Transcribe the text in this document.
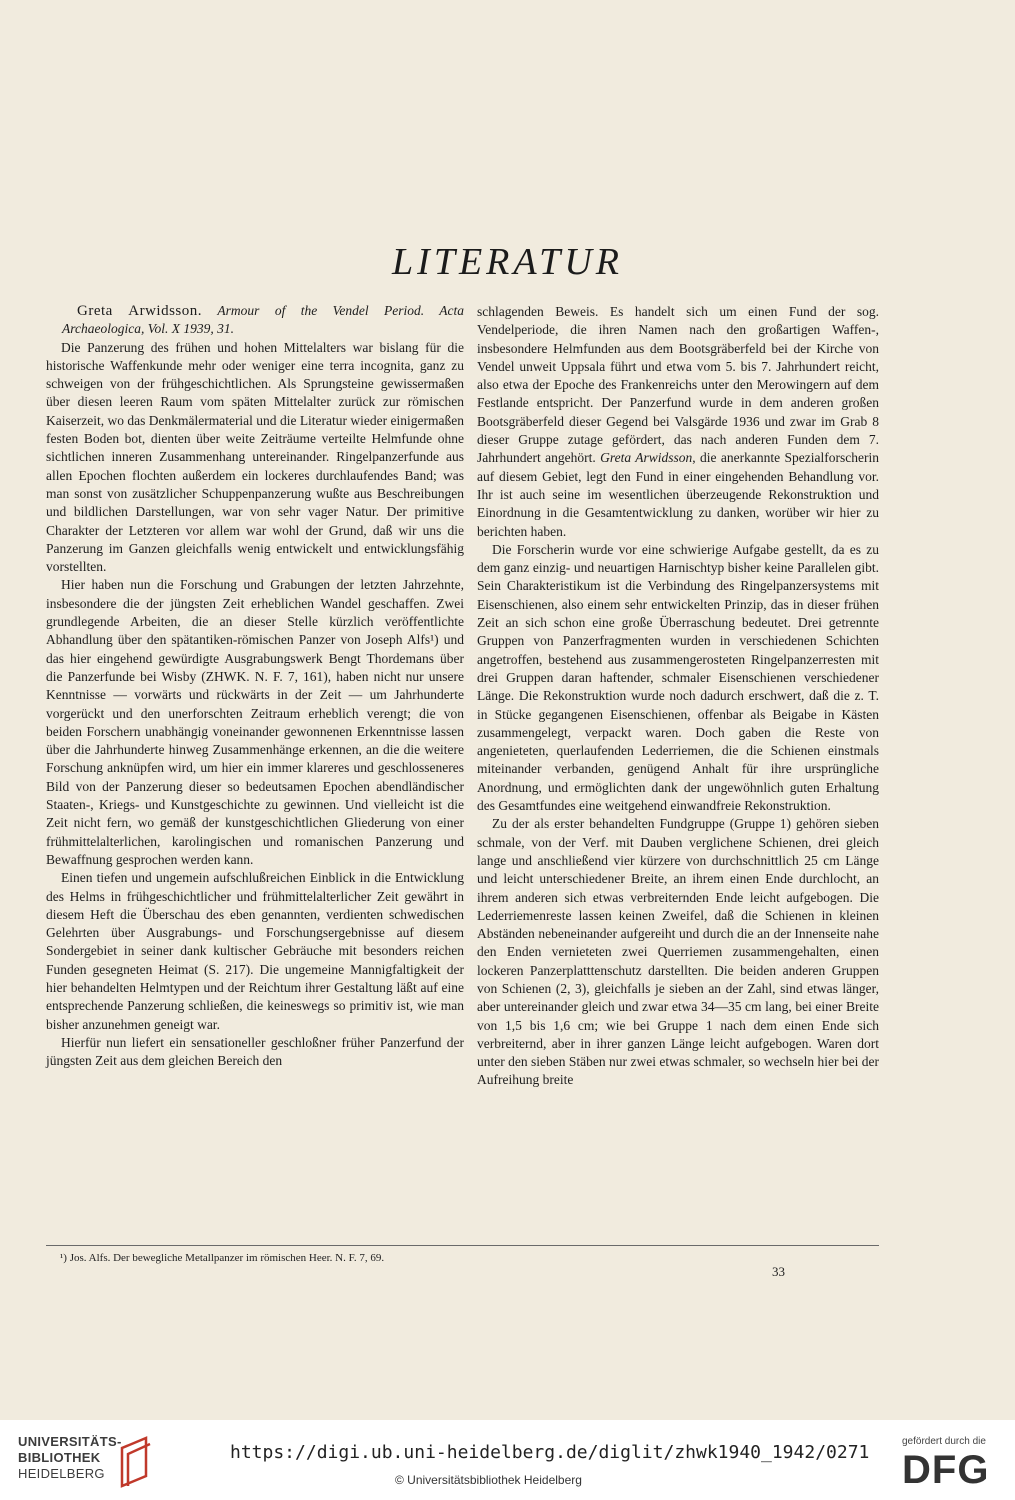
LITERATUR

Greta Arwidsson. Armour of the Vendel Period. Acta Archaeologica, Vol. X 1939, 31.

Die Panzerung des frühen und hohen Mittelalters war bislang für die historische Waffenkunde mehr oder weniger eine terra incognita, ganz zu schweigen von der frühgeschichtlichen. Als Sprungsteine gewissermaßen über diesen leeren Raum vom späten Mittelalter zurück zur römischen Kaiserzeit, wo das Denkmälermaterial und die Literatur wieder einigermaßen festen Boden bot, dienten über weite Zeiträume verteilte Helmfunde ohne sichtlichen inneren Zusammenhang untereinander. Ringelpanzerfunde aus allen Epochen flochten außerdem ein lockeres durchlaufendes Band; was man sonst von zusätzlicher Schuppenpanzerung wußte aus Beschreibungen und bildlichen Darstellungen, war von sehr vager Natur. Der primitive Charakter der Letzteren vor allem war wohl der Grund, daß wir uns die Panzerung im Ganzen gleichfalls wenig entwickelt und entwicklungsfähig vorstellten.

Hier haben nun die Forschung und Grabungen der letzten Jahrzehnte, insbesondere die der jüngsten Zeit erheblichen Wandel geschaffen. Zwei grundlegende Arbeiten, die an dieser Stelle kürzlich veröffentlichte Abhandlung über den spätantiken-römischen Panzer von Joseph Alfs¹) und das hier eingehend gewürdigte Ausgrabungswerk Bengt Thordemans über die Panzerfunde bei Wisby (ZHWK. N. F. 7, 161), haben nicht nur unsere Kenntnisse — vorwärts und rückwärts in der Zeit — um Jahrhunderte vorgerückt und den unerforschten Zeitraum erheblich verengt; die von beiden Forschern unabhängig voneinander gewonnenen Erkenntnisse lassen über die Jahrhunderte hinweg Zusammenhänge erkennen, an die die weitere Forschung anknüpfen wird, um hier ein immer klareres und geschlosseneres Bild von der Panzerung dieser so bedeutsamen Epochen abendländischer Staaten-, Kriegs- und Kunstgeschichte zu gewinnen. Und vielleicht ist die Zeit nicht fern, wo gemäß der kunstgeschichtlichen Gliederung von einer frühmittelalterlichen, karolingischen und romanischen Panzerung und Bewaffnung gesprochen werden kann.

Einen tiefen und ungemein aufschlußreichen Einblick in die Entwicklung des Helms in frühgeschichtlicher und frühmittelalterlicher Zeit gewährt in diesem Heft die Überschau des eben genannten, verdienten schwedischen Gelehrten über Ausgrabungs- und Forschungsergebnisse auf diesem Sondergebiet in seiner dank kultischer Gebräuche mit besonders reichen Funden gesegneten Heimat (S. 217). Die ungemeine Mannigfaltigkeit der hier behandelten Helmtypen und der Reichtum ihrer Gestaltung läßt auf eine entsprechende Panzerung schließen, die keineswegs so primitiv ist, wie man bisher anzunehmen geneigt war.

Hierfür nun liefert ein sensationeller geschloßner früher Panzerfund der jüngsten Zeit aus dem gleichen Bereich den

schlagenden Beweis. Es handelt sich um einen Fund der sog. Vendelperiode, die ihren Namen nach den großartigen Waffen-, insbesondere Helmfunden aus dem Bootsgräberfeld bei der Kirche von Vendel unweit Uppsala führt und etwa vom 5. bis 7. Jahrhundert reicht, also etwa der Epoche des Frankenreichs unter den Merowingern auf dem Festlande entspricht. Der Panzerfund wurde in dem anderen großen Bootsgräberfeld dieser Gegend bei Valsgärde 1936 und zwar im Grab 8 dieser Gruppe zutage gefördert, das nach anderen Funden dem 7. Jahrhundert angehört. Greta Arwidsson, die anerkannte Spezialforscherin auf diesem Gebiet, legt den Fund in einer eingehenden Behandlung vor. Ihr ist auch seine im wesentlichen überzeugende Rekonstruktion und Einordnung in die Gesamtentwicklung zu danken, worüber wir hier zu berichten haben.

Die Forscherin wurde vor eine schwierige Aufgabe gestellt, da es zu dem ganz einzig- und neuartigen Harnischtyp bisher keine Parallelen gibt. Sein Charakteristikum ist die Verbindung des Ringelpanzersystems mit Eisenschienen, also einem sehr entwickelten Prinzip, das in dieser frühen Zeit an sich schon eine große Überraschung bedeutet. Drei getrennte Gruppen von Panzerfragmenten wurden in verschiedenen Schichten angetroffen, bestehend aus zusammengerosteten Ringelpanzerresten mit drei Gruppen daran haftender, schmaler Eisenschienen verschiedener Länge. Die Rekonstruktion wurde noch dadurch erschwert, daß die z. T. in Stücke gegangenen Eisenschienen, offenbar als Beigabe in Kästen zusammengelegt, verpackt waren. Doch gaben die Reste von angenieteten, querlaufenden Lederriemen, die die Schienen einstmals miteinander verbanden, genügend Anhalt für ihre ursprüngliche Anordnung, und ermöglichten dank der ungewöhnlich guten Erhaltung des Gesamtfundes eine weitgehend einwandfreie Rekonstruktion.

Zu der als erster behandelten Fundgruppe (Gruppe 1) gehören sieben schmale, von der Verf. mit Dauben verglichene Schienen, drei gleich lange und anschließend vier kürzere von durchschnittlich 25 cm Länge und leicht unterschiedener Breite, an ihrem einen Ende durchlocht, an ihrem anderen sich etwas verbreiternden Ende leicht aufgebogen. Die Lederriemenreste lassen keinen Zweifel, daß die Schienen in kleinen Abständen nebeneinander aufgereiht und durch die an der Innenseite nahe den Enden vernieteten zwei Querriemen zusammengehalten, einen lockeren Panzerplatttenschutz darstellten. Die beiden anderen Gruppen von Schienen (2, 3), gleichfalls je sieben an der Zahl, sind etwas länger, aber untereinander gleich und zwar etwa 34—35 cm lang, bei einer Breite von 1,5 bis 1,6 cm; wie bei Gruppe 1 nach dem einen Ende sich verbreiternd, aber in ihrer ganzen Länge leicht aufgebogen. Waren dort unter den sieben Stäben nur zwei etwas schmaler, so wechseln hier bei der Aufreihung breite

¹) Jos. Alfs. Der bewegliche Metallpanzer im römischen Heer. N. F. 7, 69.
33
UNIVERSITÄTS-
BIBLIOTHEK
HEIDELBERG
https://digi.ub.uni-heidelberg.de/diglit/zhwk1940_1942/0271
© Universitätsbibliothek Heidelberg
gefördert durch die
DFG
